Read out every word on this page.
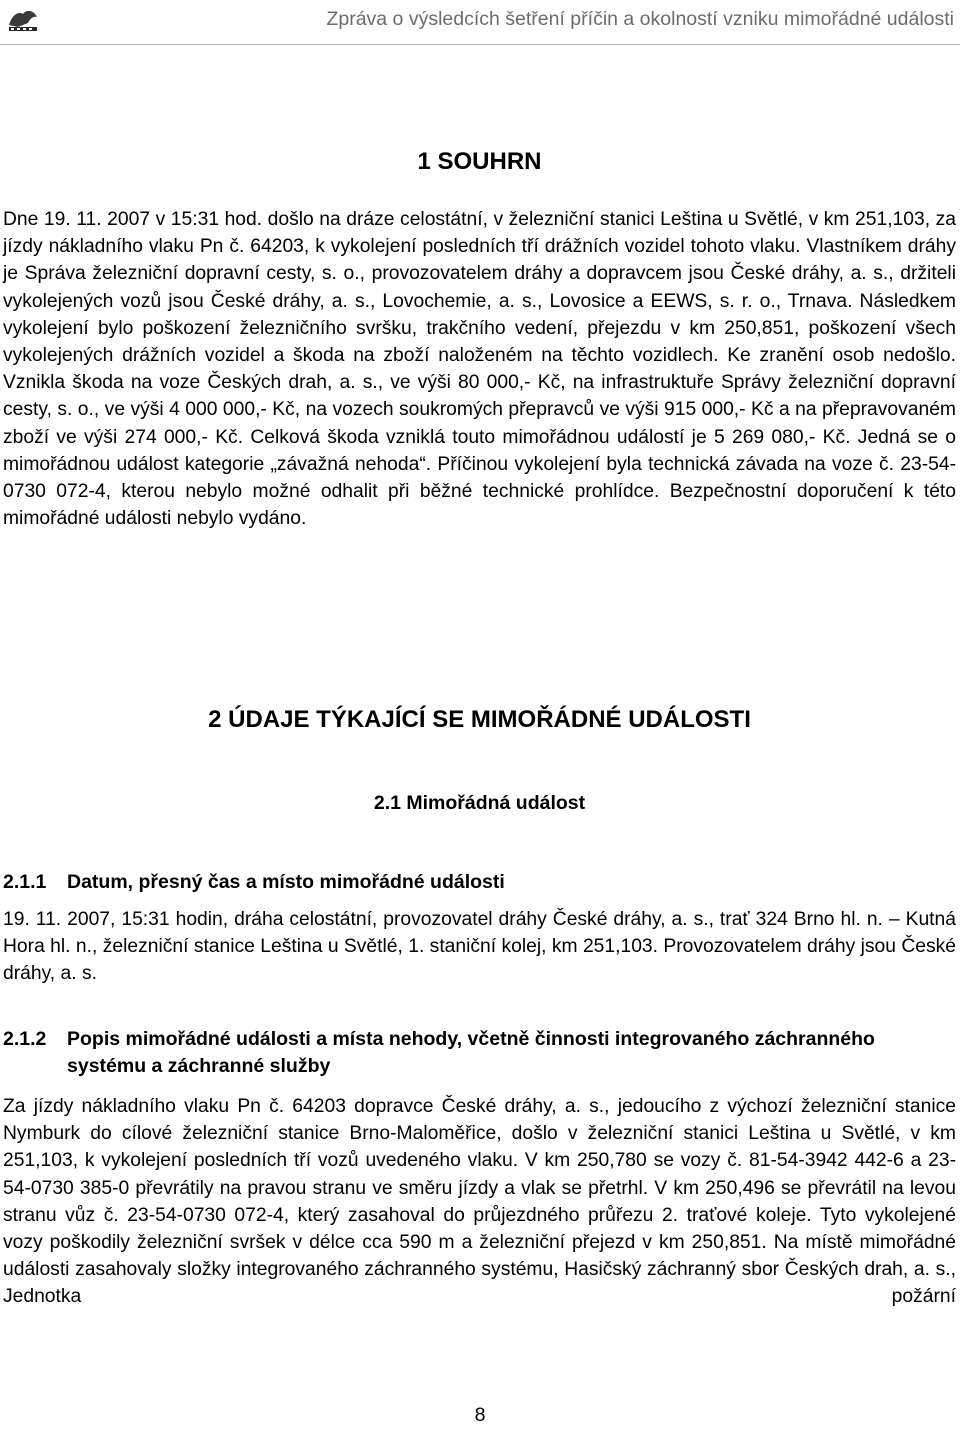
Zpráva o výsledcích šetření příčin a okolností vzniku mimořádné události
1 SOUHRN

Dne 19. 11. 2007 v 15:31 hod. došlo na dráze celostátní, v železniční stanici Leština u Světlé, v km 251,103, za jízdy nákladního vlaku Pn č. 64203, k vykolejení posledních tří drážních vozidel tohoto vlaku. Vlastníkem dráhy je Správa železniční dopravní cesty, s. o., provozovatelem dráhy a dopravcem jsou České dráhy, a. s., držiteli vykolejených vozů jsou České dráhy, a. s., Lovochemie, a. s., Lovosice a EEWS, s. r. o., Trnava. Následkem vykolejení bylo poškození železničního svršku, trakčního vedení, přejezdu v km 250,851, poškození všech vykolejených drážních vozidel a škoda na zboží naloženém na těchto vozidlech. Ke zranění osob nedošlo. Vznikla škoda na voze Českých drah, a. s., ve výši 80 000,- Kč, na infrastruktuře Správy železniční dopravní cesty, s. o., ve výši 4 000 000,- Kč, na vozech soukromých přepravců ve výši 915 000,- Kč a na přepravovaném zboží ve výši 274 000,- Kč. Celková škoda vzniklá touto mimořádnou událostí je 5 269 080,- Kč. Jedná se o mimořádnou událost kategorie „závažná nehoda“. Příčinou vykolejení byla technická závada na voze č. 23-54-0730 072-4, kterou nebylo možné odhalit při běžné technické prohlídce. Bezpečnostní doporučení k této mimořádné události nebylo vydáno.

2 ÚDAJE TÝKAJÍCÍ SE MIMOŘÁDNÉ UDÁLOSTI
2.1 Mimořádná událost
2.1.1 Datum, přesný čas a místo mimořádné události

19. 11. 2007, 15:31 hodin, dráha celostátní, provozovatel dráhy České dráhy, a. s., trať 324 Brno hl. n. – Kutná Hora hl. n., železniční stanice Leština u Světlé, 1. staniční kolej, km 251,103. Provozovatelem dráhy jsou České dráhy, a. s.

2.1.2 Popis mimořádné události a místa nehody, včetně činnosti integrovaného záchranného systému a záchranné služby

Za jízdy nákladního vlaku Pn č. 64203 dopravce České dráhy, a. s., jedoucího z výchozí železniční stanice Nymburk do cílové železniční stanice Brno-Maloměřice, došlo v železniční stanici Leština u Světlé, v km 251,103, k vykolejení posledních tří vozů uvedeného vlaku. V km 250,780 se vozy č. 81-54-3942 442-6 a 23-54-0730 385-0 převrátily na pravou stranu ve směru jízdy a vlak se přetrhl. V km 250,496 se převrátil na levou stranu vůz č. 23-54-0730 072-4, který zasahoval do průjezdného průřezu 2. traťové koleje. Tyto vykolejené vozy poškodily železniční svršek v délce cca 590 m a železniční přejezd v km 250,851. Na místě mimořádné události zasahovaly složky integrovaného záchranného systému, Hasičský záchranný sbor Českých drah, a. s., Jednotka požární

8
